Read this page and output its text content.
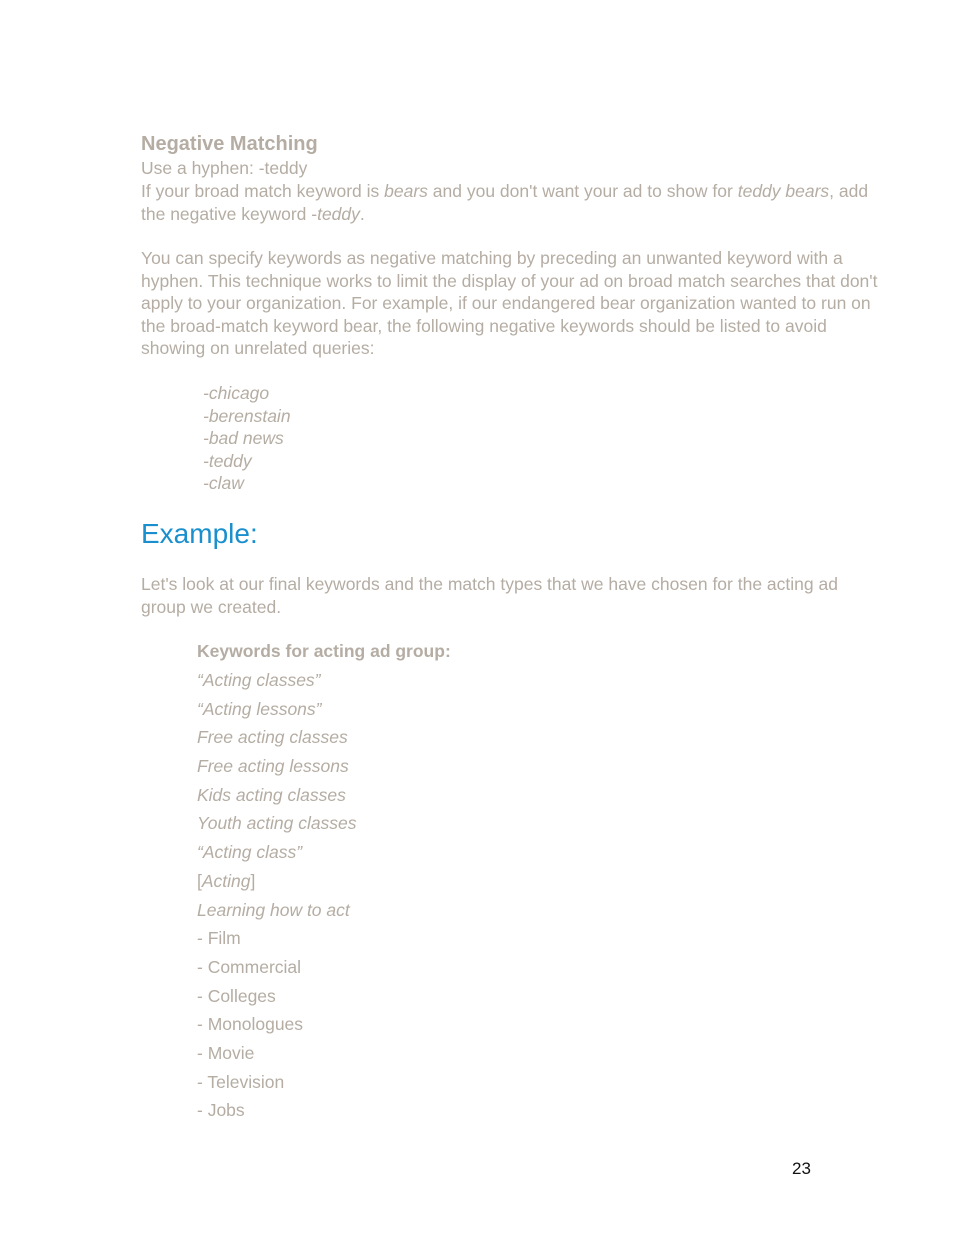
Negative Matching

Use a hyphen: -teddy

If your broad match keyword is bears and you don't want your ad to show for teddy bears, add the negative keyword -teddy.

You can specify keywords as negative matching by preceding an unwanted keyword with a hyphen. This technique works to limit the display of your ad on broad match searches that don't apply to your organization. For example, if our endangered bear organization wanted to run on the broad-match keyword bear, the following negative keywords should be listed to avoid showing on unrelated queries:

-chicago
-berenstain
-bad news
-teddy
-claw
Example:

Let's look at our final keywords and the match types that we have chosen for the acting ad group we created.

Keywords for acting ad group:

“Acting classes”
“Acting lessons”
Free acting classes
Free acting lessons
Kids acting classes
Youth acting classes
“Acting class”
[Acting]
Learning how to act
- Film
- Commercial
- Colleges
- Monologues
- Movie
- Television
- Jobs
23
